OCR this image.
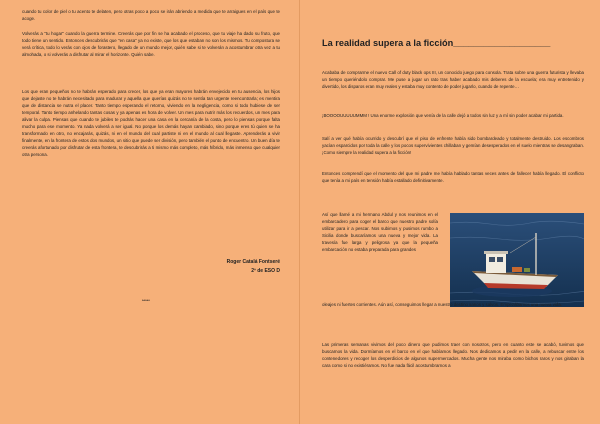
cuando tu color de piel o tu acento te delaten, pero otras poco a poco se irán abriendo a medida que te arraigues en el país que te acoge.

Volverás a "tu hogar" cuando la guerra termine. Creerás que por fin se ha acabado el proceso, que tu viaje ha dado su fruto, que todo tiene un sentido. Entonces descubrirás que "en casa" ya no existe, que los que estaban no son los mismos. Tu compostura se verá crítica, todo lo verás con ojos de forastero, llegado de un mundo mejor, quién sabe si te volverán a acostumbrar otra vez a tu almohada, o si volverás a disfrutar al mirar el horizonte. Quién sabe.

Los que eran pequeños no te habrán esperado para crecer, los que ya eran mayores habrán envejecido en tu ausencia, los hijos que dejaste no te habrán necesitado para madurar y aquella que querías quizás no te sentía tan urgente reencontrarla; es mentira que de distancia se nutra el placer. Tanto tiempo esperando el retorno, viviendo en la negligencia, como si todo hubiese de ser temporal. Tanto tiempo anhelando tantas cosas y ya apenas es hora de volver. Un mes para nutrir más los recuerdos, un mes para alivar la culpa. Piensas que cuando te jubiles te podrás hacer una casa en la cercanía de la costa, pero lo piensas porque falta mucho para ese momento. Ya nada volverá a ser igual. No porque los demás hayan cambiado, sino porque eres tú quien se ha transformado en otro, no encajarás, quizás, ni en el mundo del cual partiste ni en el mundo al cual llegaste. Aprenderás a vivir finalmente, en la frontera de estos dos mundos, un sitio que puede ser división, pero también el punto de encuentro. Un buen día te creerás afortunado por disfrutar de esta frontera, te descubrirás a ti mismo más completo, más híbrido, más inmenso que cualquier otra persona.

Roger Catalá Fontseré
2º de ESO D
*****
La realidad supera a la ficción___________________

Acababa de comprarme el nuevo Call of duty black ops III, un conocido juego para consola. Trata sobre una guerra futurista y llevaba un tiempo queriéndolo comprar. Me puse a jugar un rato tras haber acabado mis deberes de la escuela; era muy entretenido y divertido, los disparos eran muy reales y estaba muy contento de poder jugarlo, cuando de repente…

¡BOOOOUUUUUMMM ! Una enorme explosión que venía de la calle dejó a todos sin luz y a mí sin poder acabar mi partida.

Salí a ver qué había ocurrido y descubrí que el piso de enfrente había sido bombardeado y totalmente destruido. Los escombros yacían esparcidos por toda la calle y los pocos supervivientes chillaban y gemían desesperados en el suelo mientras se desangraban. ¡Como siempre la realidad supera a la ficción!

Entonces comprendí que el momento del que mi padre me había hablado tantas veces antes de fallecer había llegado. El conflicto que tenía a mi país en tensión había estallado definitivamente.

Así que llamé a mi hermano Abdul y nos reunimos en el embarcadero para coger el barco que nuestro padre solía utilizar para ir a pescar. Nos subimos y pusimos rumbo a Sicilia donde buscaríamos una nueva y mejor vida. La travesía fue larga y peligrosa ya que la pequeña embarcación no estaba preparada para grandes

oleajes ni fuertes corrientes. Aún así, conseguimos llegar a nuestro destino sanos y salvos. Empezábamos una nueva vida.

Las primeras semanas vivimos del poco dinero que pudimos traer con nosotros, pero en cuanto este se acabó, tuvimos que buscarnos la vida. Dormíamos en el barco en el que habíamos llegado. Nos dedicamos a pedir en la calle, a rebuscar entre los contenedores y recoger los desperdicios de algunos supermercados. Mucha gente nos miraba como bichos raros y nos giraban la cara como si no existiéramos. No fue nada fácil acostumbrarnos a
